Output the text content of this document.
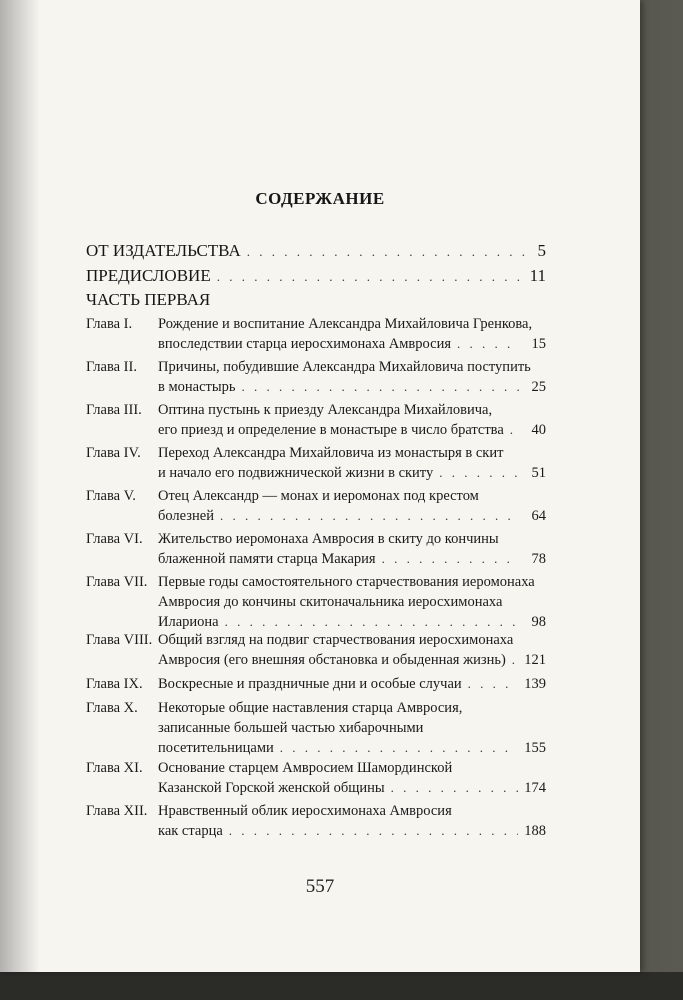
СОДЕРЖАНИЕ
ОТ ИЗДАТЕЛЬСТВА . . .	5
ПРЕДИСЛОВИЕ . . .	11
ЧАСТЬ ПЕРВАЯ
Глава I.	Рождение и воспитание Александра Михайловича Гренкова,
впоследствии старца иеросхимонаха Амвросия . . .	15
Глава II.	Причины, побудившие Александра Михайловича поступить
в монастырь . . .	25
Глава III.	Оптина пустынь к приезду Александра Михайловича,
его приезд и определение в монастыре в число братства . . .	40
Глава IV.	Переход Александра Михайловича из монастыря в скит
и начало его подвижнической жизни в скиту . . .	51
Глава V.	Отец Александр — монах и иеромонах под крестом
болезней . . .	64
Глава VI.	Жительство иеромонаха Амвросия в скиту до кончины
блаженной памяти старца Макария . . .	78
Глава VII. Первые годы самостоятельного старчествования иеромонаха
Амвросия до кончины скитоначальника иеросхимонаха
Илариона . . .	98
Глава VIII. Общий взгляд на подвиг старчествования иеросхимонаха
Амвросия (его внешняя обстановка и обыденная жизнь) . . . 121
Глава IX.	Воскресные и праздничные дни и особые случаи . . .	139
Глава X.	Некоторые общие наставления старца Амвросия,
записанные большей частью хибарочными
посетительницами . . .	155
Глава XI.	Основание старцем Амвросием Шамординской
Казанской Горской женской общины . . .	174
Глава XII. Нравственный облик иеросхимонаха Амвросия
как старца . . .	188
557
